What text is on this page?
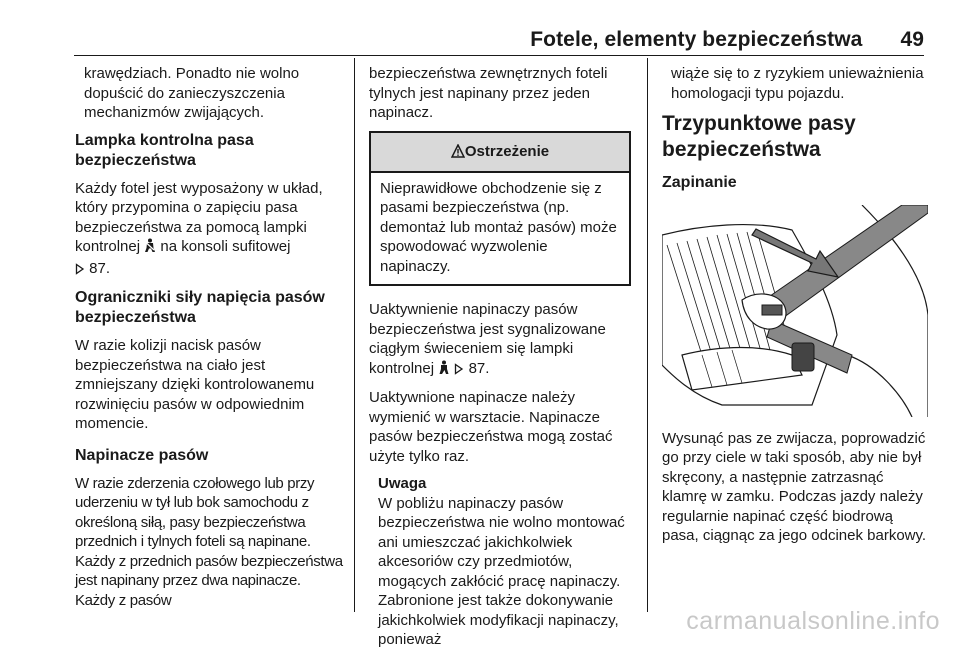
Fotele, elementy bezpieczeństwa 49

krawędziach. Ponadto nie wolno dopuścić do zanieczyszczenia mechanizmów zwijających.

Lampka kontrolna pasa bezpieczeństwa

Każdy fotel jest wyposażony w układ, który przypomina o zapięciu pasa bezpieczeństwa za pomocą lampki kontrolnej na konsoli sufitowej
87.

Ograniczniki siły napięcia pasów bezpieczeństwa

W razie kolizji nacisk pasów bezpieczeństwa na ciało jest zmniejszany dzięki kontrolowanemu rozwinięciu pasów w odpowiednim momencie.

Napinacze pasów

W razie zderzenia czołowego lub przy uderzeniu w tył lub bok samochodu z określoną siłą, pasy bezpieczeństwa przednich i tylnych foteli są napinane. Każdy z przednich pasów bezpieczeństwa jest napinany przez dwa napinacze. Każdy z pasów

bezpieczeństwa zewnętrznych foteli tylnych jest napinany przez jeden napinacz.

Ostrzeżenie
Nieprawidłowe obchodzenie się z pasami bezpieczeństwa (np. demontaż lub montaż pasów) może spowodować wyzwolenie napinaczy.

Uaktywnienie napinaczy pasów bezpieczeństwa jest sygnalizowane ciągłym świeceniem się lampki kontrolnej 87.

Uaktywnione napinacze należy wymienić w warsztacie. Napinacze pasów bezpieczeństwa mogą zostać użyte tylko raz.

Uwaga
W pobliżu napinaczy pasów bezpieczeństwa nie wolno montować ani umieszczać jakichkolwiek akcesoriów czy przedmiotów, mogących zakłócić pracę napinaczy. Zabronione jest także dokonywanie jakichkolwiek modyfikacji napinaczy, ponieważ

wiąże się to z ryzykiem unieważnienia homologacji typu pojazdu.

Trzypunktowe pasy bezpieczeństwa
Zapinanie

Wysunąć pas ze zwijacza, poprowadzić go przy ciele w taki sposób, aby nie był skręcony, a następnie zatrzasnąć klamrę w zamku. Podczas jazdy należy regularnie napinać część biodrową pasa, ciągnąc za jego odcinek barkowy.

carmanualsonline.info
